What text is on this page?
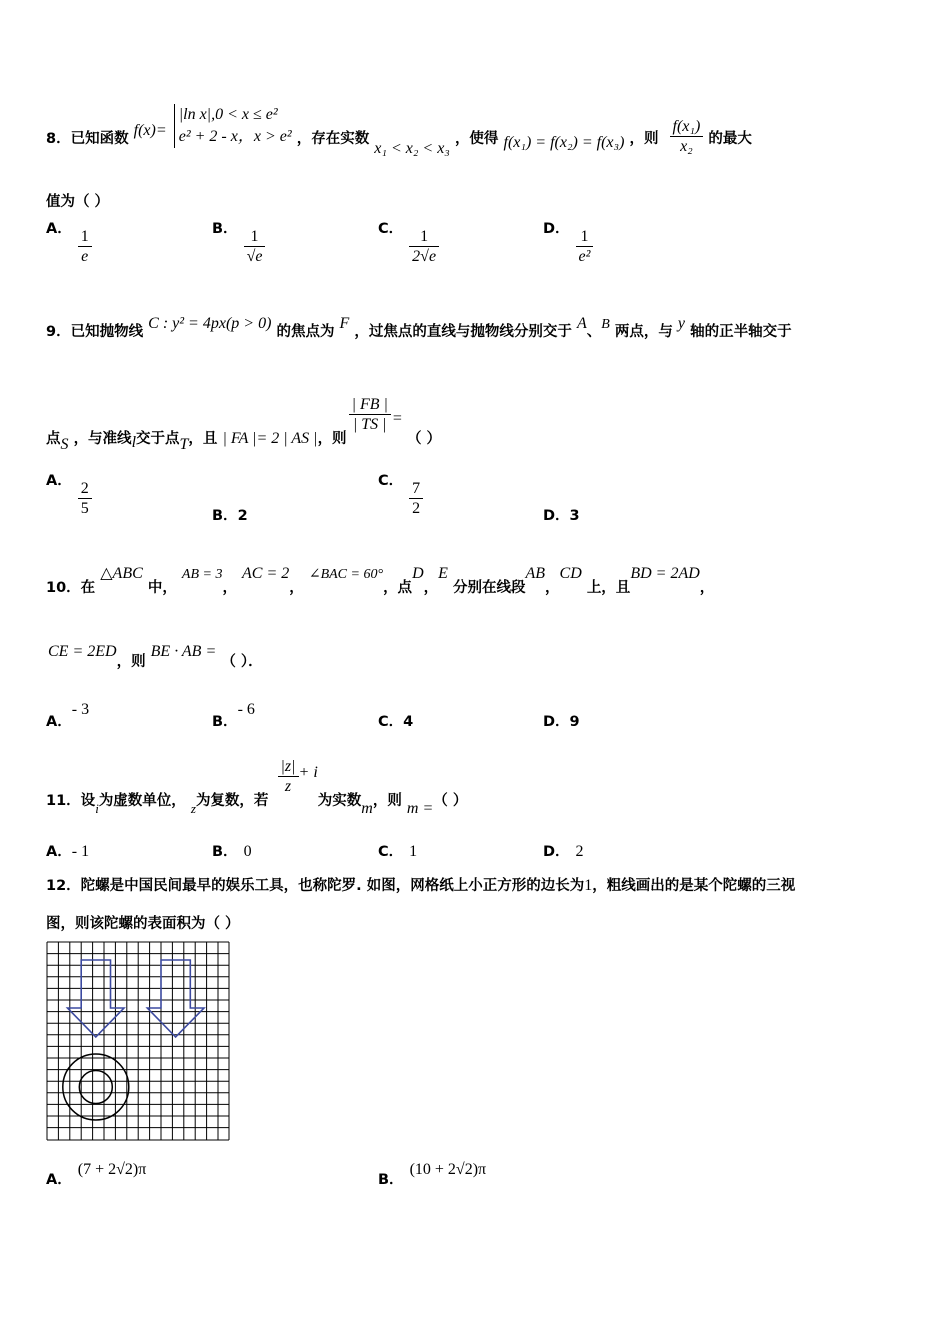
8．已知函数 f(x)=
|ln x|,0 < x ≤ e²
e² + 2 - x，x > e² ，存在实数 x₁ < x₂ < x₃ ，使得 f(x₁) = f(x₂) = f(x₃) ，则 $\frac{\text{f(x₁)}}{\text{x₂}}$ 的最大
值为（ ）
A． $\frac{1}{e}$	B． $\frac{1}{√e}$	C． $\frac{1}{2√e}$	D． $\frac{1}{\text{e²}}$
9．已知抛物线 C : y² = 4px(p > 0) 的焦点为 F ，过焦点的直线与抛物线分别交于 A、B 两点，与 y 轴的正半轴交于
点S ，与准线l交于点T，且 | FA |= 2 | AS |，则
$\frac{| FB |}{| TS |}$ = （ ）
A． $\frac{2}{5}$	B．2
C． $\frac{7}{2}$	D．3
10．在 △ABC 中， AB = 3， AC = 2， ∠BAC = 60°，点D，E 分别在线段AB，CD 上，且BD = 2AD，
CE = 2ED，则 BE · AB = （ ）．
A．- 3
B．- 6
C．4	D．9
11．设i为虚数单位， z为复数，若
$\frac{|z|}{z} + i$为实数m，则 m =（ ）
A．- 1	B． 0	C． 1	D． 2
12．陀螺是中国民间最早的娱乐工具，也称陀罗. 如图，网格纸上小正方形的边长为1，粗线画出的是某个陀螺的三视
图，则该陀螺的表面积为（ ）
A．(7 + 2√2)π
B．(10 + 2√2)π
